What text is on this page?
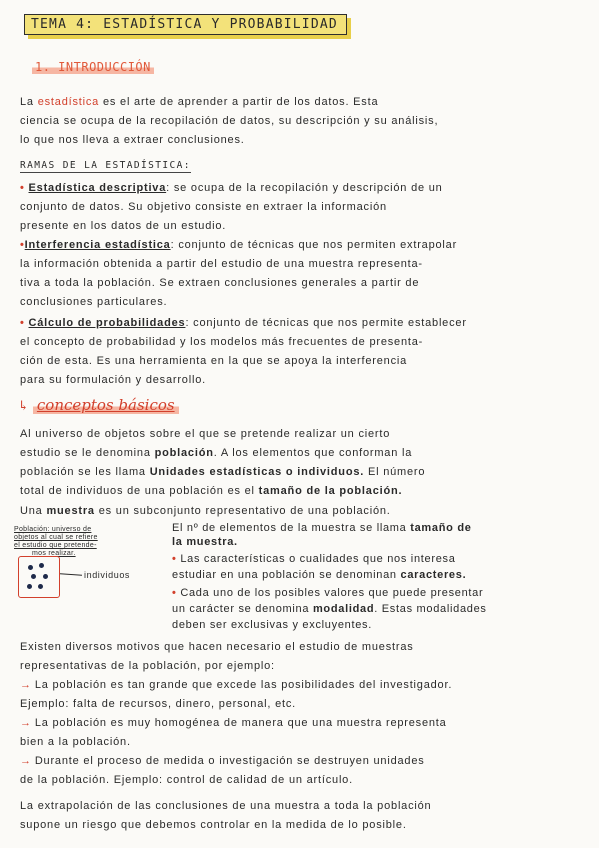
TEMA 4: ESTADÍSTICA Y PROBABILIDAD
1. INTRODUCCIÓN
La estadística es el arte de aprender a partir de los datos. Esta
ciencia se ocupa de la recopilación de datos, su descripción y su análisis,
lo que nos lleva a extraer conclusiones.
RAMAS DE LA ESTADÍSTICA:
• Estadística descriptiva: se ocupa de la recopilación y descripción de un
conjunto de datos. Su objetivo consiste en extraer la información
presente en los datos de un estudio.
•Interferencia estadística: conjunto de técnicas que nos permiten extrapolar
la información obtenida a partir del estudio de una muestra representa-
tiva a toda la población. Se extraen conclusiones generales a partir de
conclusiones particulares.
• Cálculo de probabilidades: conjunto de técnicas que nos permite establecer
el concepto de probabilidad y los modelos más frecuentes de presenta-
ción de esta. Es una herramienta en la que se apoya la interferencia
para su formulación y desarrollo.
↳ conceptos básicos
Al universo de objetos sobre el que se pretende realizar un cierto
estudio se le denomina población. A los elementos que conforman la
población se les llama Unidades estadísticas o individuos. El número
total de individuos de una población es el tamaño de la población.
Una muestra es un subconjunto representativo de una población.
Población: universo de
objetos al cual se refiere
el estudio que pretende-
mos realizar.
individuos
El nº de elementos de la muestra se llama tamaño de
la muestra.
• Las características o cualidades que nos interesa
estudiar en una población se denominan caracteres.
• Cada uno de los posibles valores que puede presentar
un carácter se denomina modalidad. Estas modalidades
deben ser exclusivas y excluyentes.
Existen diversos motivos que hacen necesario el estudio de muestras
representativas de la población, por ejemplo:
→ La población es tan grande que excede las posibilidades del investigador.
Ejemplo: falta de recursos, dinero, personal, etc.
→ La población es muy homogénea de manera que una muestra representa
bien a la población.
→ Durante el proceso de medida o investigación se destruyen unidades
de la población. Ejemplo: control de calidad de un artículo.
La extrapolación de las conclusiones de una muestra a toda la población
supone un riesgo que debemos controlar en la medida de lo posible.
